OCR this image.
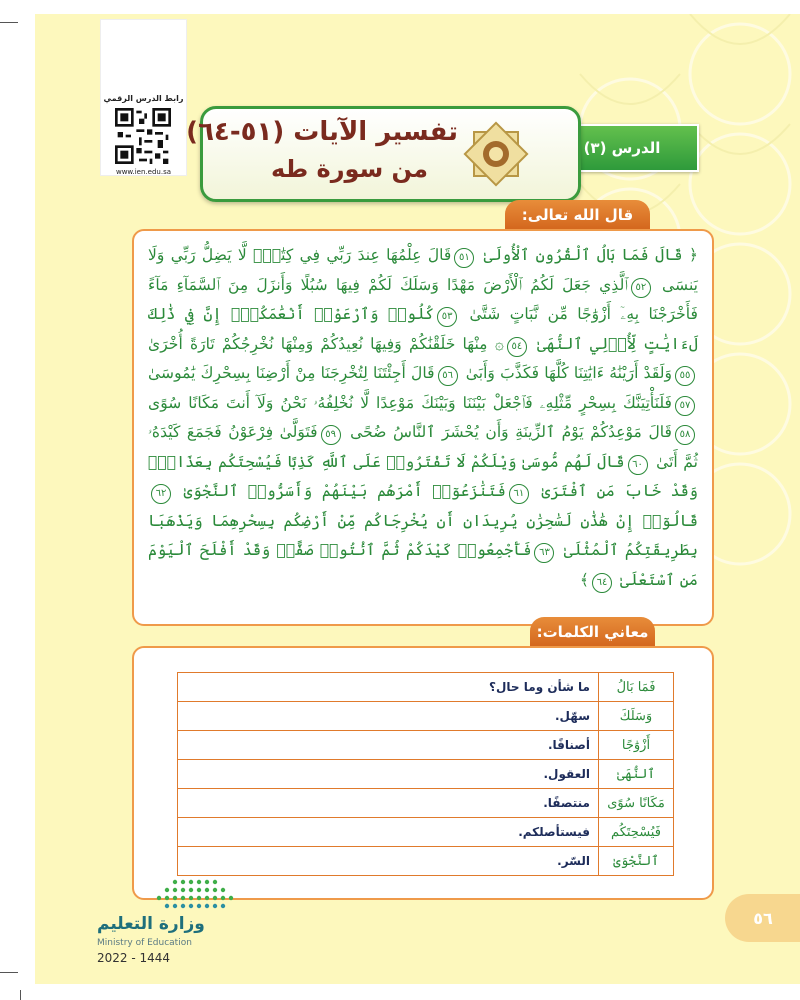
رابط الدرس الرقمي
www.ien.edu.sa
الدرس (٣)
تفسير الآيات (٥١-٦٤)
من سورة طه
قال الله تعالى:
﴿ قَالَ فَمَا بَالُ ٱلْقُرُونِ ٱلْأُولَىٰ ٥١قَالَ عِلْمُهَا عِندَ رَبِّي فِي كِتَٰبٍۖ لَّا يَضِلُّ رَبِّي وَلَا يَنسَى ٥٢ٱلَّذِي جَعَلَ لَكُمُ ٱلْأَرْضَ مَهْدًا وَسَلَكَ لَكُمْ فِيهَا سُبُلًا وَأَنزَلَ مِنَ ٱلسَّمَآءِ مَآءً فَأَخْرَجْنَا بِهِۦٓ أَزْوَٰجًا مِّن نَّبَاتٍ شَتَّىٰ ٥٣كُلُوا۟ وَٱرْعَوْا۟ أَنْعَٰمَكُمْۗ إِنَّ فِي ذَٰلِكَ لَءَايَٰتٍ لِّأُو۟لِي ٱلنُّهَىٰ ٥٤۞ مِنْهَا خَلَقْنَٰكُمْ وَفِيهَا نُعِيدُكُمْ وَمِنْهَا نُخْرِجُكُمْ تَارَةً أُخْرَىٰ ٥٥وَلَقَدْ أَرَيْنَٰهُ ءَايَٰتِنَا كُلَّهَا فَكَذَّبَ وَأَبَىٰ ٥٦قَالَ أَجِئْتَنَا لِتُخْرِجَنَا مِنْ أَرْضِنَا بِسِحْرِكَ يَٰمُوسَىٰ ٥٧فَلَنَأْتِيَنَّكَ بِسِحْرٍ مِّثْلِهِۦ فَٱجْعَلْ بَيْنَنَا وَبَيْنَكَ مَوْعِدًا لَّا نُخْلِفُهُۥ نَحْنُ وَلَآ أَنتَ مَكَانًا سُوًى ٥٨قَالَ مَوْعِدُكُمْ يَوْمُ ٱلزِّينَةِ وَأَن يُحْشَرَ ٱلنَّاسُ ضُحًى ٥٩فَتَوَلَّىٰ فِرْعَوْنُ فَجَمَعَ كَيْدَهُۥ ثُمَّ أَتَىٰ ٦٠قَالَ لَهُم مُّوسَىٰ وَيْلَكُمْ لَا تَفْتَرُوا۟ عَلَى ٱللَّهِ كَذِبًا فَيُسْحِتَكُم بِعَذَابٍۖ وَقَدْ خَابَ مَنِ ٱفْتَرَىٰ ٦١فَتَنَٰزَعُوٓا۟ أَمْرَهُم بَيْنَهُمْ وَأَسَرُّوا۟ ٱلنَّجْوَىٰ ٦٢قَالُوٓا۟ إِنْ هَٰذَٰنِ لَسَٰحِرَٰنِ يُرِيدَانِ أَن يُخْرِجَاكُم مِّنْ أَرْضِكُم بِسِحْرِهِمَا وَيَذْهَبَا بِطَرِيقَتِكُمُ ٱلْمُثْلَىٰ ٦٣فَأَجْمِعُوا۟ كَيْدَكُمْ ثُمَّ ٱئْتُوا۟ صَفًّاۚ وَقَدْ أَفْلَحَ ٱلْيَوْمَ مَنِ ٱسْتَعْلَىٰ ٦٤﴾
معاني الكلمات:
فَمَا بَالُ	ما شأن وما حال؟
وَسَلَكَ	سهّل.
أَزْوَٰجًا	أصنافًا.
ٱلنُّهَىٰ	العقول.
مَكَانًا سُوًى	منتصفًا.
فَيُسْحِتَكُم	فيستأصلكم.
ٱلنَّجْوَىٰ	السّر.
وزارة التعليم
Ministry of Education
2022 - 1444
٥٦
